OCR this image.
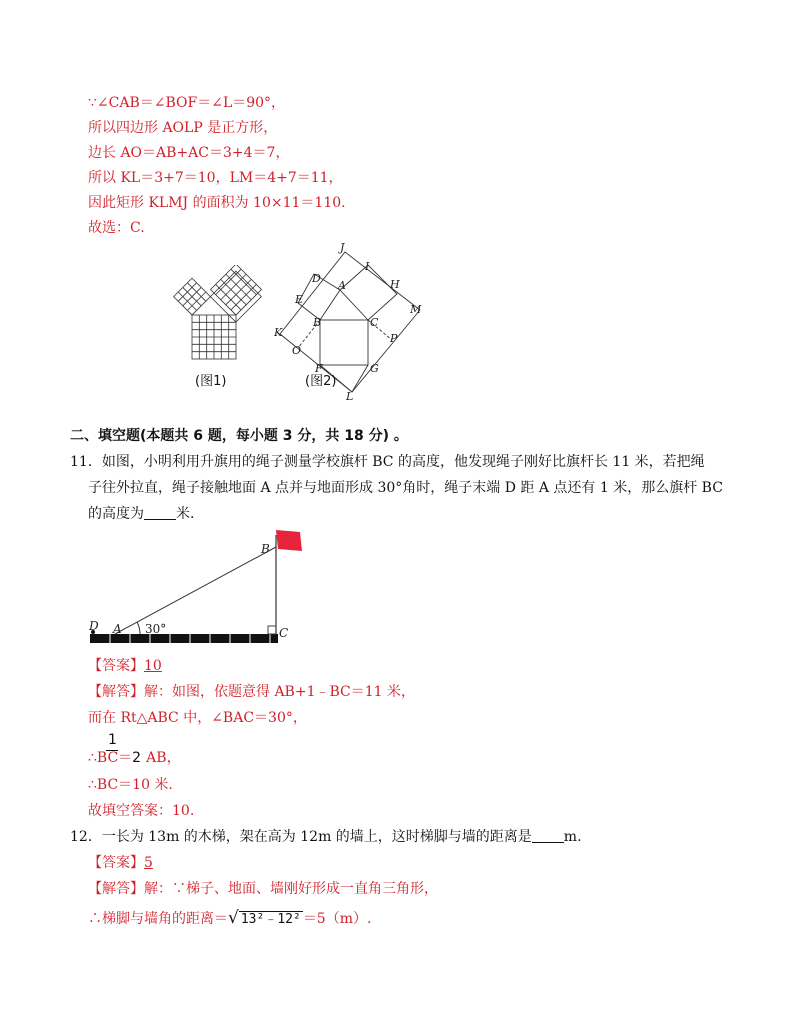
∵∠CAB＝∠BOF＝∠L＝90°，
所以四边形 AOLP 是正方形，
边长 AO＝AB+AC＝3+4＝7，
所以 KL＝3+7＝10，LM＝4+7＝11，
因此矩形 KLMJ 的面积为 10×11＝110.
故选：C.
(图1)
J
D
I
A	H
E
M
K
B	C
O
P
F	G
L
(图2)
二、填空题(本题共 6 题，每小题 3 分，共 18 分) 。
11．如图，小明利用升旗用的绳子测量学校旗杆 BC 的高度，他发现绳子刚好比旗杆长 11 米，若把绳
子往外拉直，绳子接触地面 A 点并与地面形成 30°角时，绳子末端 D 距 A 点还有 1 米，那么旗杆 BC
的高度为 米.
B
C
D A 30°
【答案】10
【解答】解：如图，依题意得 AB+1﹣BC＝11 米，
而在 Rt△ABC 中，∠BAC＝30°，
1
∴BC＝2 AB，
∴BC＝10 米.
故填空答案：10.
12．一长为 13m 的木梯，架在高为 12m 的墙上，这时梯脚与墙的距离是 m.
【答案】5
【解答】解：∵梯子、地面、墙刚好形成一直角三角形，
∴梯脚与墙角的距离＝√ 13²﹣12² ＝5（m）.
